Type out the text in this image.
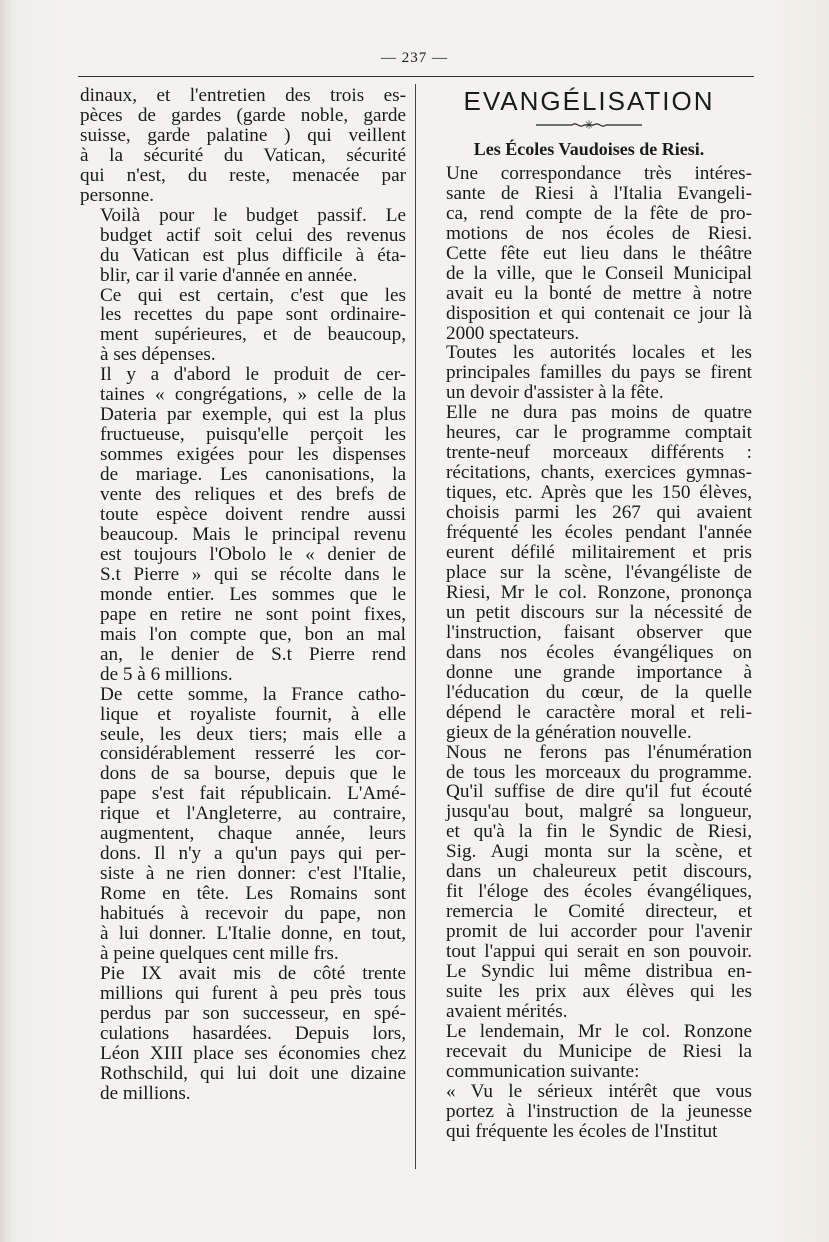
— 237 —

dinaux, et l'entretien des trois es-
pèces de gardes (garde noble, garde
suisse, garde palatine ) qui veillent
à la sécurité du Vatican, sécurité
qui n'est, du reste, menacée par
personne.

Voilà pour le budget passif. Le
budget actif soit celui des revenus
du Vatican est plus difficile à éta-
blir, car il varie d'année en année.

Ce qui est certain, c'est que les
les recettes du pape sont ordinaire-
ment supérieures, et de beaucoup,
à ses dépenses.

Il y a d'abord le produit de cer-
taines « congrégations, » celle de la
Dateria par exemple, qui est la plus
fructueuse, puisqu'elle perçoit les
sommes exigées pour les dispenses
de mariage. Les canonisations, la
vente des reliques et des brefs de
toute espèce doivent rendre aussi
beaucoup. Mais le principal revenu
est toujours l'Obolo le « denier de
S.t Pierre » qui se récolte dans le
monde entier. Les sommes que le
pape en retire ne sont point fixes,
mais l'on compte que, bon an mal
an, le denier de S.t Pierre rend
de 5 à 6 millions.

De cette somme, la France catho-
lique et royaliste fournit, à elle
seule, les deux tiers; mais elle a
considérablement resserré les cor-
dons de sa bourse, depuis que le
pape s'est fait républicain. L'Amé-
rique et l'Angleterre, au contraire,
augmentent, chaque année, leurs
dons. Il n'y a qu'un pays qui per-
siste à ne rien donner: c'est l'Italie,
Rome en tête. Les Romains sont
habitués à recevoir du pape, non
à lui donner. L'Italie donne, en tout,
à peine quelques cent mille frs.

Pie IX avait mis de côté trente
millions qui furent à peu près tous
perdus par son successeur, en spé-
culations hasardées. Depuis lors,
Léon XIII place ses économies chez
Rothschild, qui lui doit une dizaine
de millions.

EVANGÉLISATION
✳
Les Écoles Vaudoises de Riesi.

Une correspondance très intéres-
sante de Riesi à l'Italia Evangeli-
ca, rend compte de la fête de pro-
motions de nos écoles de Riesi.
Cette fête eut lieu dans le théâtre
de la ville, que le Conseil Municipal
avait eu la bonté de mettre à notre
disposition et qui contenait ce jour là
2000 spectateurs.

Toutes les autorités locales et les
principales familles du pays se firent
un devoir d'assister à la fête.

Elle ne dura pas moins de quatre
heures, car le programme comptait
trente-neuf morceaux différents :
récitations, chants, exercices gymnas-
tiques, etc. Après que les 150 élèves,
choisis parmi les 267 qui avaient
fréquenté les écoles pendant l'année
eurent défilé militairement et pris
place sur la scène, l'évangéliste de
Riesi, Mr le col. Ronzone, prononça
un petit discours sur la nécessité de
l'instruction, faisant observer que
dans nos écoles évangéliques on
donne une grande importance à
l'éducation du cœur, de la quelle
dépend le caractère moral et reli-
gieux de la génération nouvelle.

Nous ne ferons pas l'énumération
de tous les morceaux du programme.
Qu'il suffise de dire qu'il fut écouté
jusqu'au bout, malgré sa longueur,
et qu'à la fin le Syndic de Riesi,
Sig. Augi monta sur la scène, et
dans un chaleureux petit discours,
fit l'éloge des écoles évangéliques,
remercia le Comité directeur, et
promit de lui accorder pour l'avenir
tout l'appui qui serait en son pouvoir.
Le Syndic lui même distribua en-
suite les prix aux élèves qui les
avaient mérités.

Le lendemain, Mr le col. Ronzone
recevait du Municipe de Riesi la
communication suivante:

« Vu le sérieux intérêt que vous
portez à l'instruction de la jeunesse
qui fréquente les écoles de l'Institut
